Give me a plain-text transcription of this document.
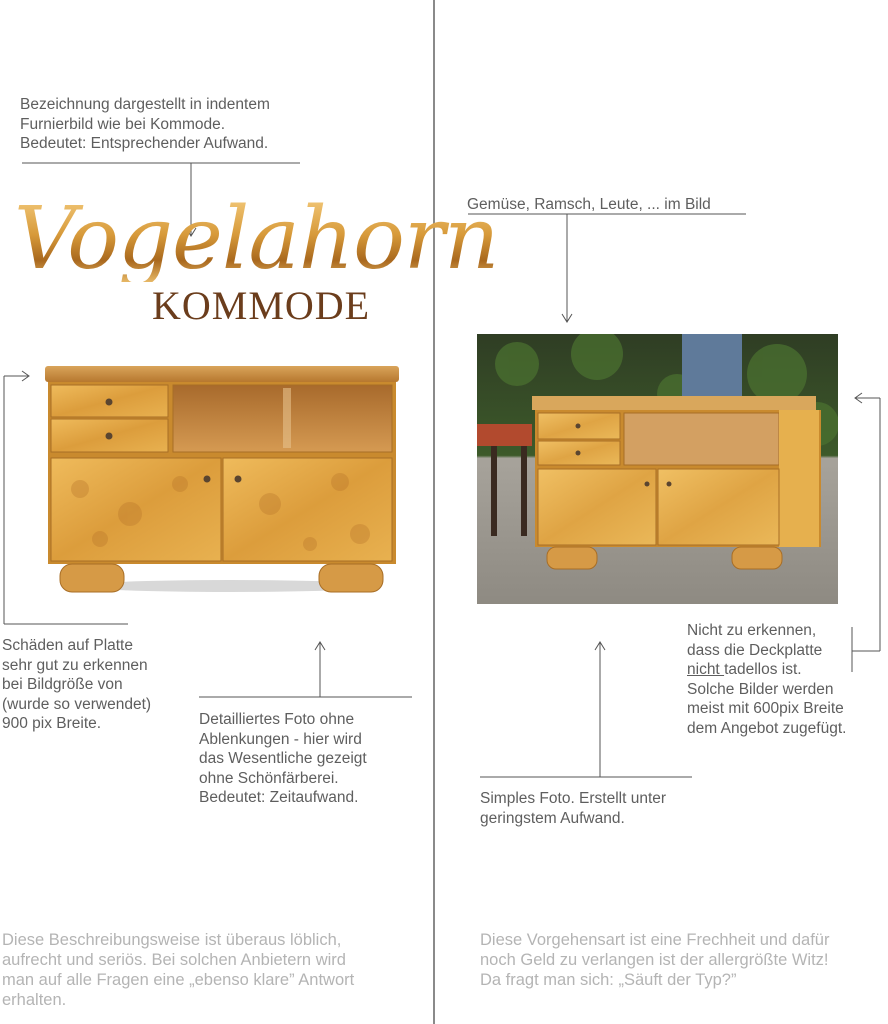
Bezeichnung dargestellt in indentem
Furnierbild wie bei Kommode.
Bedeutet: Entsprechender Aufwand.
Vogelahorn
KOMMODE
Schäden auf Platte
sehr gut zu erkennen
bei Bildgröße von
(wurde so verwendet)
900 pix Breite.	Detailliertes Foto ohne
Ablenkungen - hier wird
das Wesentliche gezeigt
ohne Schönfärberei.
Bedeutet: Zeitaufwand.
Diese Beschreibungsweise ist überaus löblich,
aufrecht und seriös. Bei solchen Anbietern wird
man auf alle Fragen eine „ebenso klare” Antwort
erhalten.
Gemüse, Ramsch, Leute, ... im Bild
Nicht zu erkennen,
dass die Deckplatte
nicht tadellos ist.
Solche Bilder werden
meist mit 600pix Breite
dem Angebot zugefügt.
Simples Foto. Erstellt unter
geringstem Aufwand.
Diese Vorgehensart ist eine Frechheit und dafür
noch Geld zu verlangen ist der allergrößte Witz!
Da fragt man sich: „Säuft der Typ?”
